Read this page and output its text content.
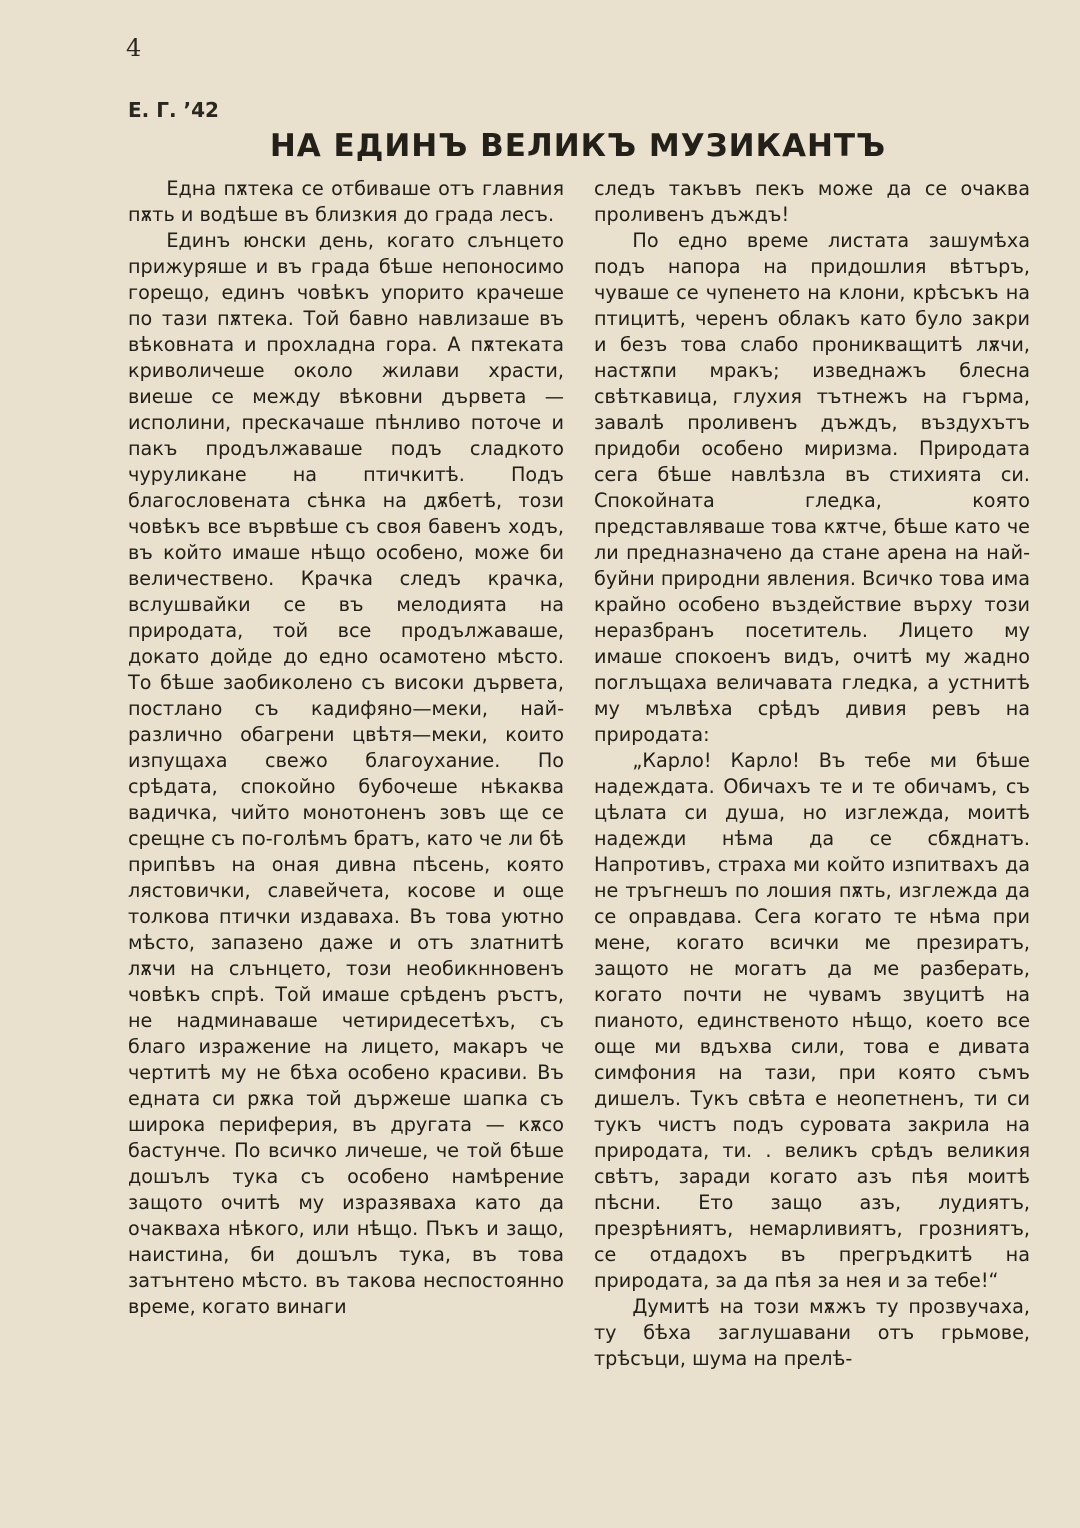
4
Е. Г. ’42
НА ЕДИНЪ ВЕЛИКЪ МУЗИКАНТЪ

Една пѫтека се отбиваше отъ главния пѫть и водѣше въ близкия до града лесъ.

Единъ юнски день, когато слънцето прижуряше и въ града бѣше непоносимо горещо, единъ човѣкъ упорито крачеше по тази пѫтека. Той бавно навлизаше въ вѣковната и прохладна гора. А пѫтеката криволичеше около жилави храсти, виеше се между вѣковни дървета — исполини, прескачаше пѣнливо поточе и пакъ продължаваше подъ сладкото чуруликане на птичкитѣ. Подъ благословената сѣнка на дѫбетѣ, този човѣкъ все вървѣше съ своя бавенъ ходъ, въ който имаше нѣщо особено, може би величествено. Крачка следъ крачка, вслушвайки се въ мелодията на природата, той все продължаваше, докато дойде до едно осамотено мѣсто. То бѣше заобиколено съ високи дървета, постлано съ кадифяно—меки, най-различно обагрени цвѣтя—меки, които изпущаха свежо благоухание. По срѣдата, спокойно бубочеше нѣкаква вадичка, чийто монотоненъ зовъ ще се срещне съ по-голѣмъ братъ, като че ли бѣ припѣвъ на оная дивна пѣсень, която лястовички, славейчета, косове и още толкова птички издаваха. Въ това уютно мѣсто, запазено даже и отъ златнитѣ лѫчи на слънцето, този необикнновенъ човѣкъ спрѣ. Той имаше срѣденъ ръстъ, не надминаваше четиридесетѣхъ, съ благо изражение на лицето, макаръ че чертитѣ му не бѣха особено красиви. Въ едната си рѫка той държеше шапка съ широка периферия, въ другата — кѫсо бастунче. По всичко личеше, че той бѣше дошълъ тука съ особено намѣрение защото очитѣ му изразяваха като да очакваха нѣкого, или нѣщо. Пъкъ и защо, наистина, би дошълъ тука, въ това затънтено мѣсто. въ такова неспостоянно време, когато винаги

следъ такъвъ пекъ може да се очаква проливенъ дъждъ!

По едно време листата зашумѣха подъ напора на придошлия вѣтъръ, чуваше се чупенето на клони, крѣсъкъ на птицитѣ, черенъ облакъ като було закри и безъ това слабо проникващитѣ лѫчи, настѫпи мракъ; изведнажъ блесна свѣткавица, глухия тътнежъ на гърма, завалѣ проливенъ дъждъ, въздухътъ придоби особено миризма. Природата сега бѣше навлѣзла въ стихията си. Спокойната гледка, която представляваше това кѫтче, бѣше като че ли предназначено да стане арена на най-буйни природни явления. Всичко това има крайно особено въздействие върху този неразбранъ посетитель. Лицето му имаше спокоенъ видъ, очитѣ му жадно поглъщаха величавата гледка, а устнитѣ му мълвѣха срѣдъ дивия ревъ на природата:

„Карло! Карло! Въ тебе ми бѣше надеждата. Обичахъ те и те обичамъ, съ цѣлата си душа, но изглежда, моитѣ надежди нѣма да се сбѫднатъ. Напротивъ, страха ми който изпитвахъ да не тръгнешъ по лошия пѫть, изглежда да се оправдава. Сега когато те нѣма при мене, когато всички ме презиратъ, защото не могатъ да ме разберать, когато почти не чувамъ звуцитѣ на пианото, единственото нѣщо, което все още ми вдъхва сили, това е дивата симфония на тази, при която съмъ дишелъ. Тукъ свѣта е неопетненъ, ти си тукъ чистъ подъ суровата закрила на природата, ти. . великъ срѣдъ великия свѣтъ, заради когато азъ пѣя моитѣ пѣсни. Ето защо азъ, лудиятъ, презрѣниятъ, немарливиятъ, грозниятъ, се отдадохъ въ прегръдкитѣ на природата, за да пѣя за нея и за тебе!“

Думитѣ на този мѫжъ ту прозвучаха, ту бѣха заглушавани отъ грьмове, трѣсъци, шума на прелѣ-
